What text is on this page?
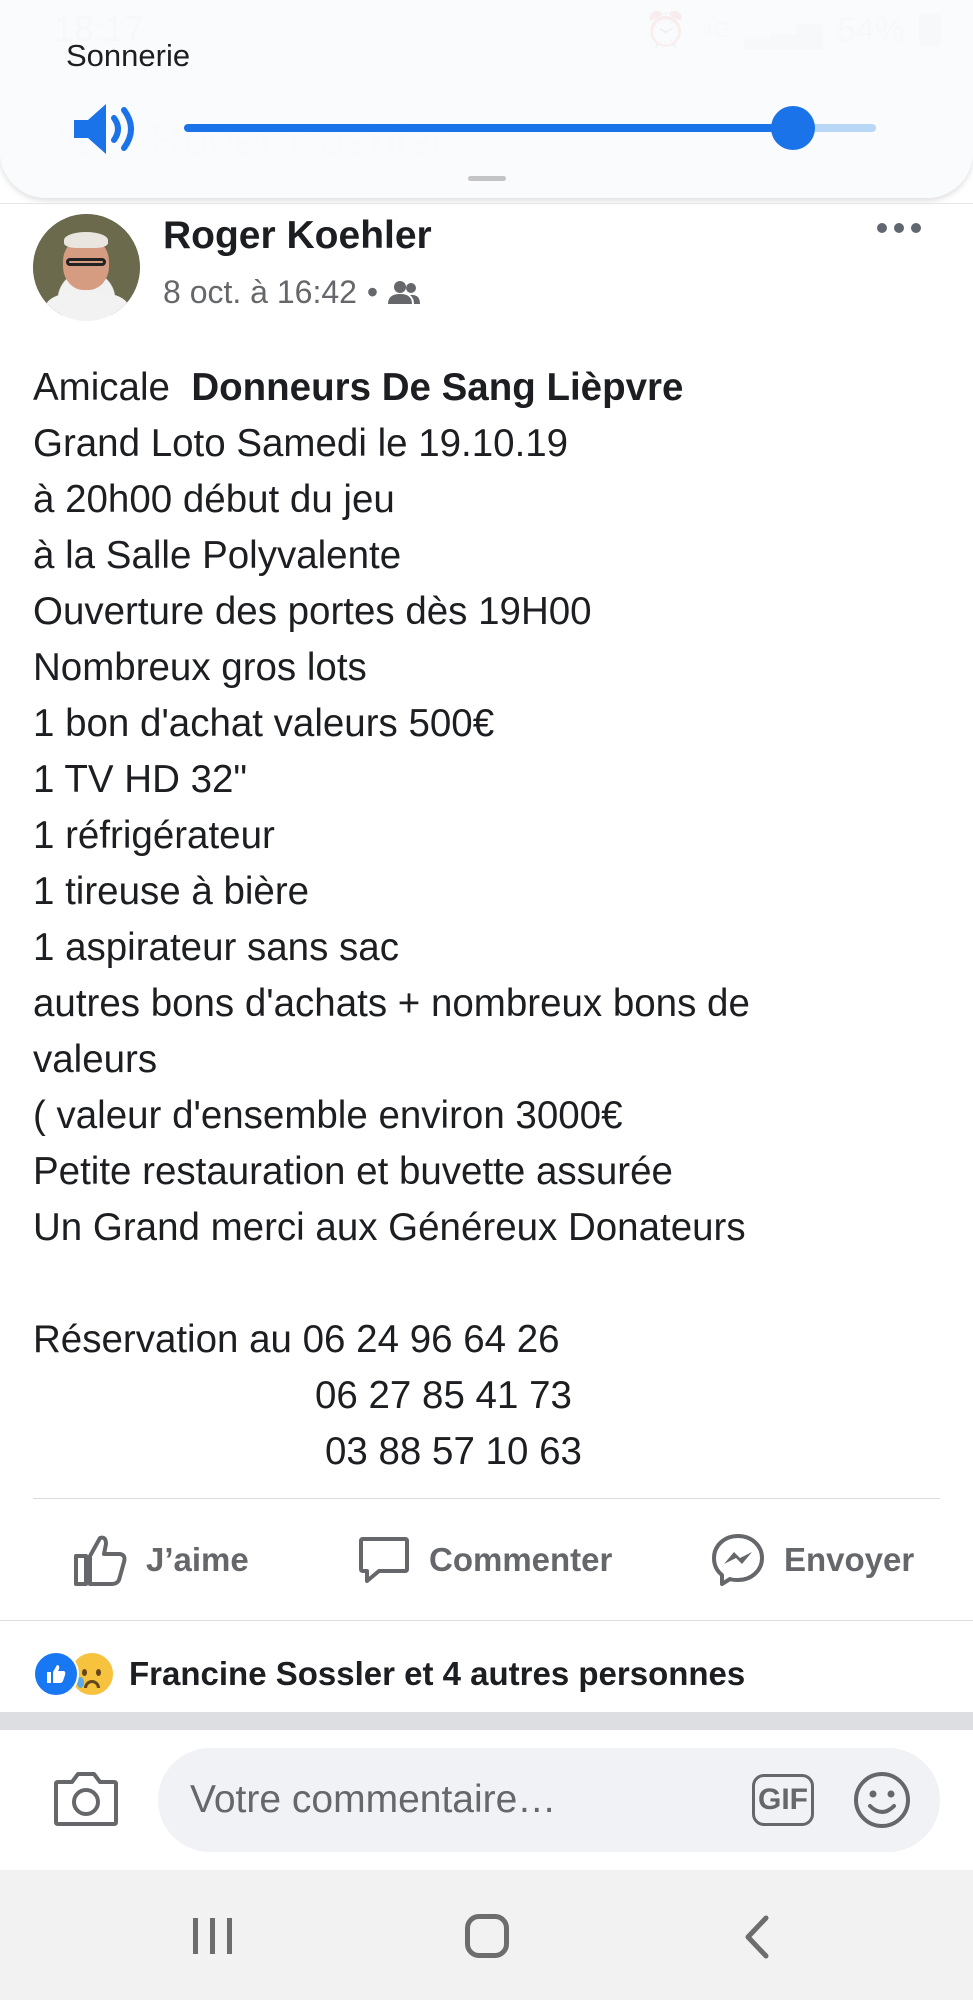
Sonnerie
Roger Koehler
8 oct. à 16:42 •
Amicale  Donneurs De Sang Lièpvre
Grand Loto Samedi le 19.10.19
à 20h00 début du jeu
à la Salle Polyvalente
Ouverture des portes dès 19H00
Nombreux gros lots
1 bon d'achat valeurs 500€
1 TV HD 32"
1 réfrigérateur
1 tireuse à bière
1 aspirateur sans sac
autres bons d'achats + nombreux bons de
valeurs
( valeur d'ensemble environ 3000€
Petite restauration et buvette assurée
Un Grand merci aux Généreux Donateurs
Réservation au 06 24 96 64 26
06 27 85 41 73
03 88 57 10 63
J’aime	Commenter	Envoyer
Francine Sossler et 4 autres personnes
Votre commentaire…	GIF
